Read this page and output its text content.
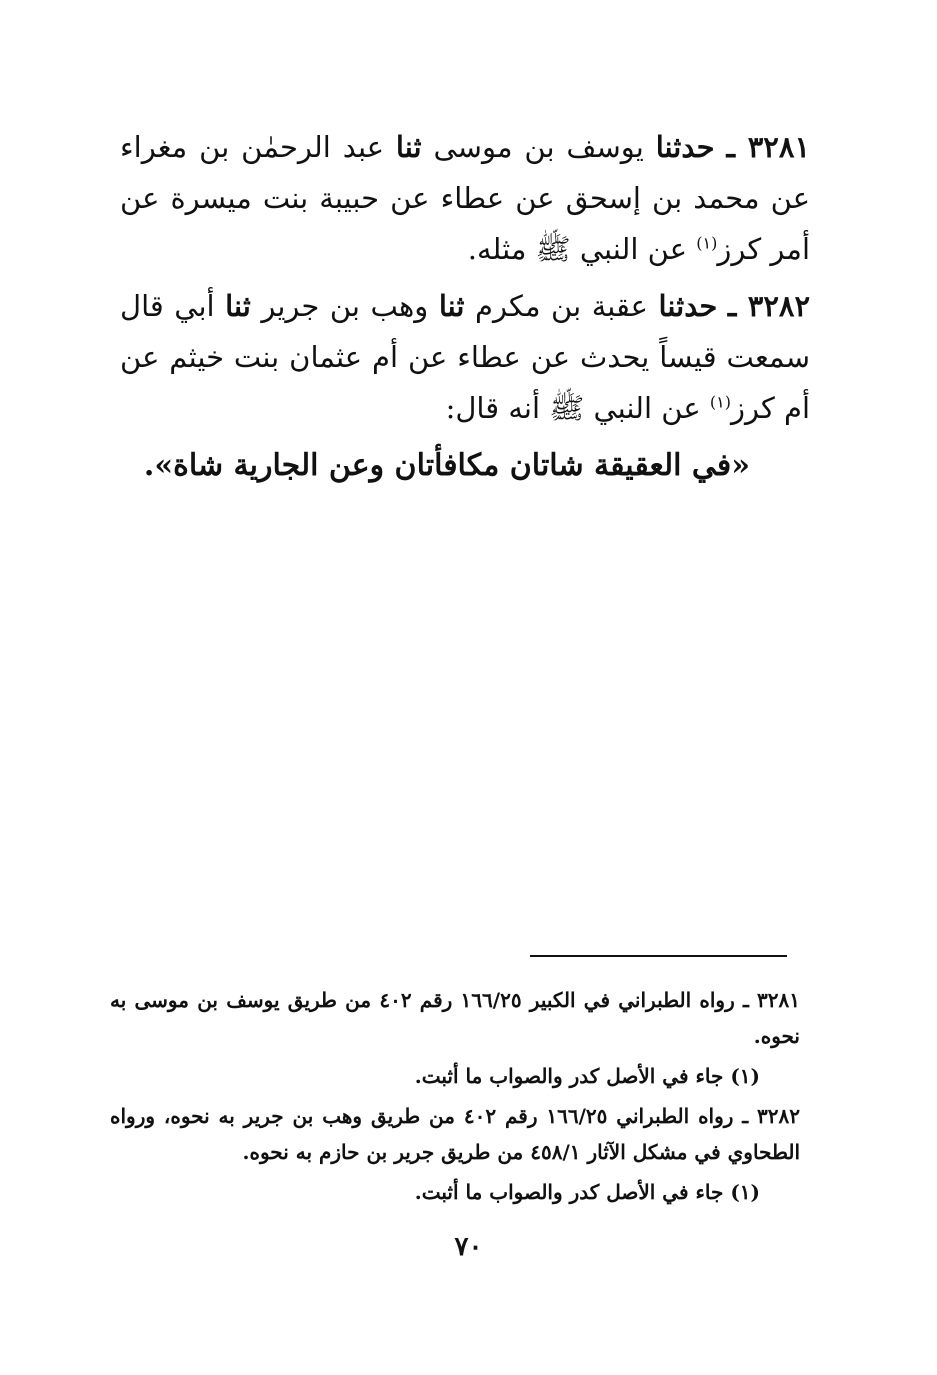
٣٢٨١ ـ حدثنا يوسف بن موسى ثنا عبد الرحمٰن بن مغراء عن محمد بن إسحق عن عطاء عن حبيبة بنت ميسرة عن أمر كرز$^{(١)}$ عن النبي ﷺ مثله.

٣٢٨٢ ـ حدثنا عقبة بن مكرم ثنا وهب بن جرير ثنا أبي قال سمعت قيساً يحدث عن عطاء عن أم عثمان بنت خيثم عن أم كرز$^{(١)}$ عن النبي ﷺ أنه قال:

«في العقيقة شاتان مكافأتان وعن الجارية شاة».

٣٢٨١ ـ رواه الطبراني في الكبير ١٦٦/٢٥ رقم ٤٠٢ من طريق يوسف بن موسى به نحوه.

(١) جاء في الأصل كدر والصواب ما أثبت.

٣٢٨٢ ـ رواه الطبراني ١٦٦/٢٥ رقم ٤٠٢ من طريق وهب بن جرير به نحوه، ورواه الطحاوي في مشكل الآثار ٤٥٨/١ من طريق جرير بن حازم به نحوه.

(١) جاء في الأصل كدر والصواب ما أثبت.

٧٠
